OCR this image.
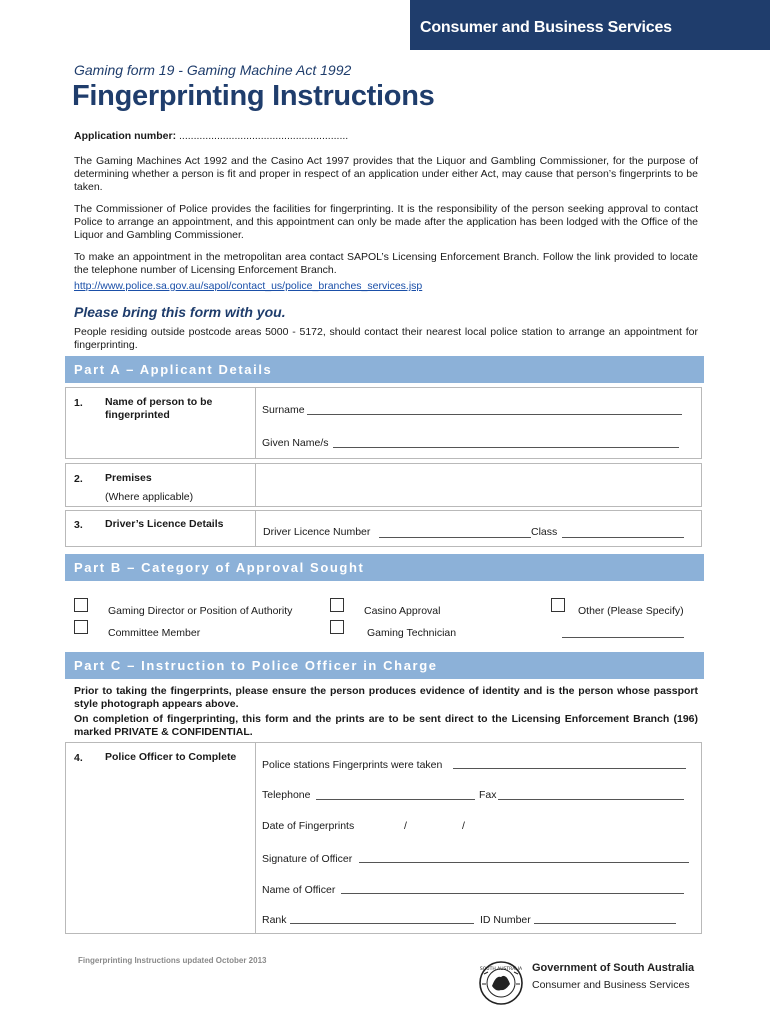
Consumer and Business Services
Gaming form 19 - Gaming Machine Act 1992
Fingerprinting Instructions
Application number: ..........................................................
The Gaming Machines Act 1992 and the Casino Act 1997 provides that the Liquor and Gambling Commissioner, for the purpose of determining whether a person is fit and proper in respect of an application under either Act, may cause that person’s fingerprints to be taken.
The Commissioner of Police provides the facilities for fingerprinting. It is the responsibility of the person seeking approval to contact Police to arrange an appointment, and this appointment can only be made after the application has been lodged with the Office of the Liquor and Gambling Commissioner.
To make an appointment in the metropolitan area contact SAPOL’s Licensing Enforcement Branch. Follow the link provided to locate the telephone number of Licensing Enforcement Branch.
http://www.police.sa.gov.au/sapol/contact_us/police_branches_services.jsp
Please bring this form with you.
People residing outside postcode areas 5000 - 5172, should contact their nearest local police station to arrange an appointment for fingerprinting.
Part A – Applicant Details
1. Name of person to be fingerprinted	Surname
Given Name/s
2. Premises
(Where applicable)
3. Driver’s Licence Details
Driver Licence Number	Class
Part B – Category of Approval Sought
Gaming Director or Position of Authority	Casino Approval	Other (Please Specify)
Committee Member	Gaming Technician
Part C – Instruction to Police Officer in Charge
Prior to taking the fingerprints, please ensure the person produces evidence of identity and is the person whose passport style photograph appears above.
On completion of fingerprinting, this form and the prints are to be sent direct to the Licensing Enforcement Branch (196) marked PRIVATE & CONFIDENTIAL.
4. Police Officer to Complete
Police stations Fingerprints were taken
Telephone	Fax
Date of Fingerprints	/	/
Signature of Officer
Name of Officer
Rank	ID Number
Fingerprinting Instructions updated October 2013
SOUTH AUSTRALIA Government of South Australia
Consumer and Business Services
